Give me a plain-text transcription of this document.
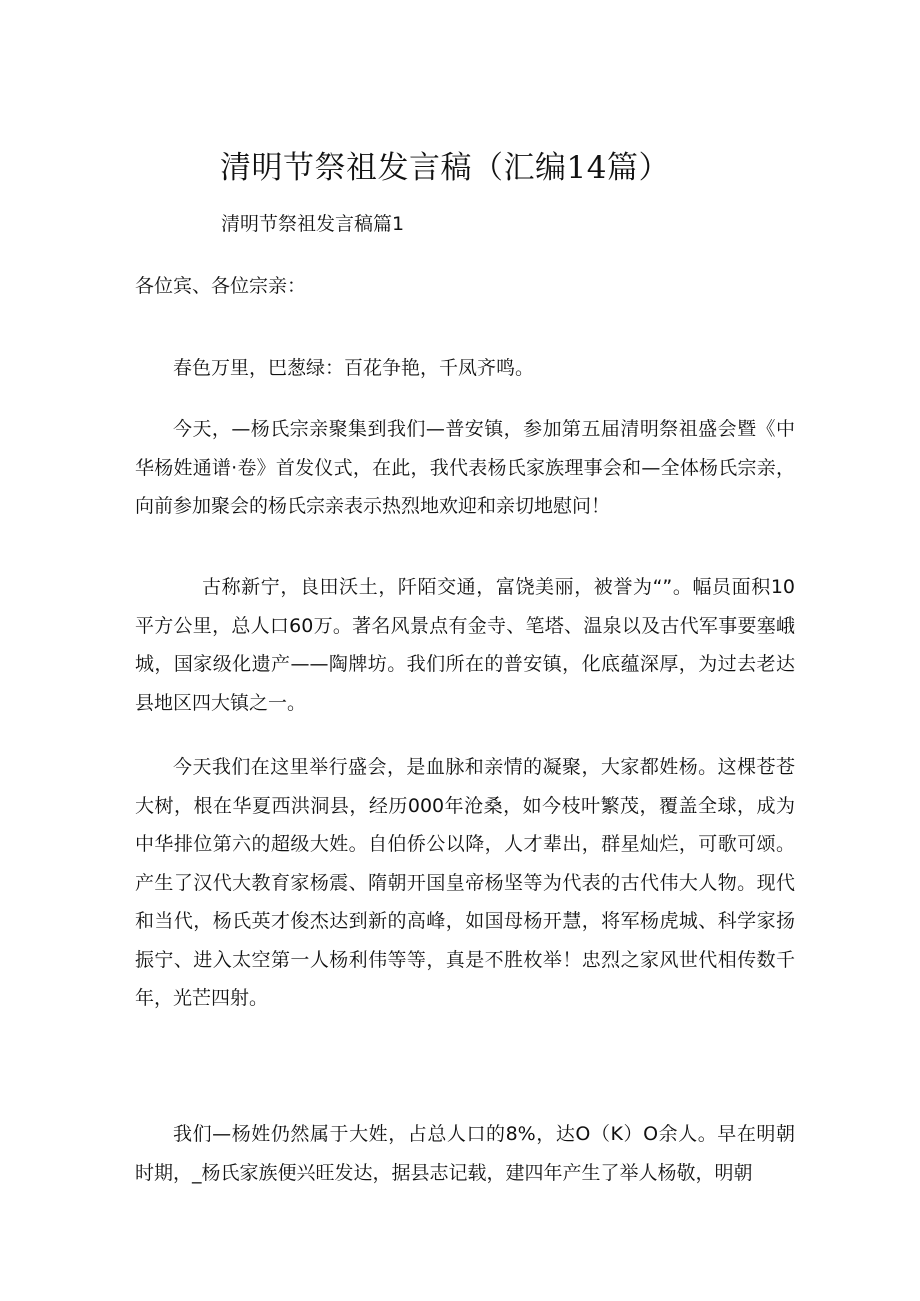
清明节祭祖发言稿（汇编14篇）
清明节祭祖发言稿篇1
各位宾、各位宗亲：

春色万里，巴葱绿：百花争艳，千凤齐鸣。

今天，—杨氏宗亲聚集到我们—普安镇，参加第五届清明祭祖盛会暨《中华杨姓通谱·卷》首发仪式，在此，我代表杨氏家族理事会和—全体杨氏宗亲，向前参加聚会的杨氏宗亲表示热烈地欢迎和亲切地慰问！

古称新宁，良田沃土，阡陌交通，富饶美丽，被誉为“”。幅员面积10平方公里，总人口60万。著名风景点有金寺、笔塔、温泉以及古代军事要塞峨城，国家级化遗产——陶牌坊。我们所在的普安镇，化底蕴深厚，为过去老达县地区四大镇之一。

今天我们在这里举行盛会，是血脉和亲情的凝聚，大家都姓杨。这棵苍苍大树，根在华夏西洪洞县，经历000年沧桑，如今枝叶繁茂，覆盖全球，成为中华排位第六的超级大姓。自伯侨公以降，人才辈出，群星灿烂，可歌可颂。产生了汉代大教育家杨震、隋朝开国皇帝杨坚等为代表的古代伟大人物。现代和当代，杨氏英才俊杰达到新的高峰，如国母杨开慧，将军杨虎城、科学家扬振宁、进入太空第一人杨利伟等等，真是不胜枚举！忠烈之家风世代相传数千年，光芒四射。

我们—杨姓仍然属于大姓，占总人口的8%，达O（K）O余人。早在明朝时期，_杨氏家族便兴旺发达，据县志记载，建四年产生了举人杨敬，明朝
